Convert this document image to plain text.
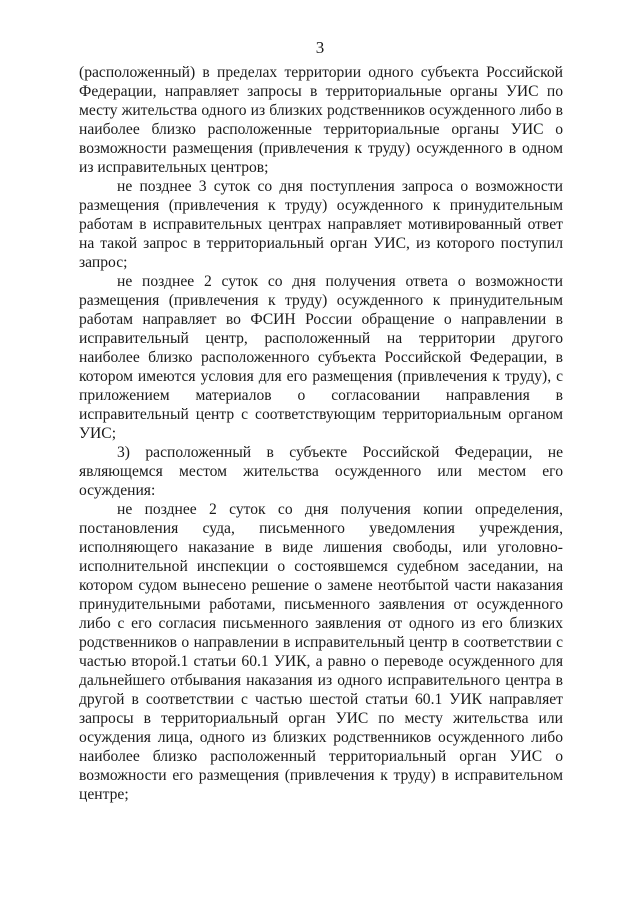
3

(расположенный) в пределах территории одного субъекта Российской Федерации, направляет запросы в территориальные органы УИС по месту жительства одного из близких родственников осужденного либо в наиболее близко расположенные территориальные органы УИС о возможности размещения (привлечения к труду) осужденного в одном из исправительных центров;

не позднее 3 суток со дня поступления запроса о возможности размещения (привлечения к труду) осужденного к принудительным работам в исправительных центрах направляет мотивированный ответ на такой запрос в территориальный орган УИС, из которого поступил запрос;

не позднее 2 суток со дня получения ответа о возможности размещения (привлечения к труду) осужденного к принудительным работам направляет во ФСИН России обращение о направлении в исправительный центр, расположенный на территории другого наиболее близко расположенного субъекта Российской Федерации, в котором имеются условия для его размещения (привлечения к труду), с приложением материалов о согласовании направления в исправительный центр с соответствующим территориальным органом УИС;

3) расположенный в субъекте Российской Федерации, не являющемся местом жительства осужденного или местом его осуждения:

не позднее 2 суток со дня получения копии определения, постановления суда, письменного уведомления учреждения, исполняющего наказание в виде лишения свободы, или уголовно-исполнительной инспекции о состоявшемся судебном заседании, на котором судом вынесено решение о замене неотбытой части наказания принудительными работами, письменного заявления от осужденного либо с его согласия письменного заявления от одного из его близких родственников о направлении в исправительный центр в соответствии с частью второй.1 статьи 60.1 УИК, а равно о переводе осужденного для дальнейшего отбывания наказания из одного исправительного центра в другой в соответствии с частью шестой статьи 60.1 УИК направляет запросы в территориальный орган УИС по месту жительства или осуждения лица, одного из близких родственников осужденного либо наиболее близко расположенный территориальный орган УИС о возможности его размещения (привлечения к труду) в исправительном центре;
